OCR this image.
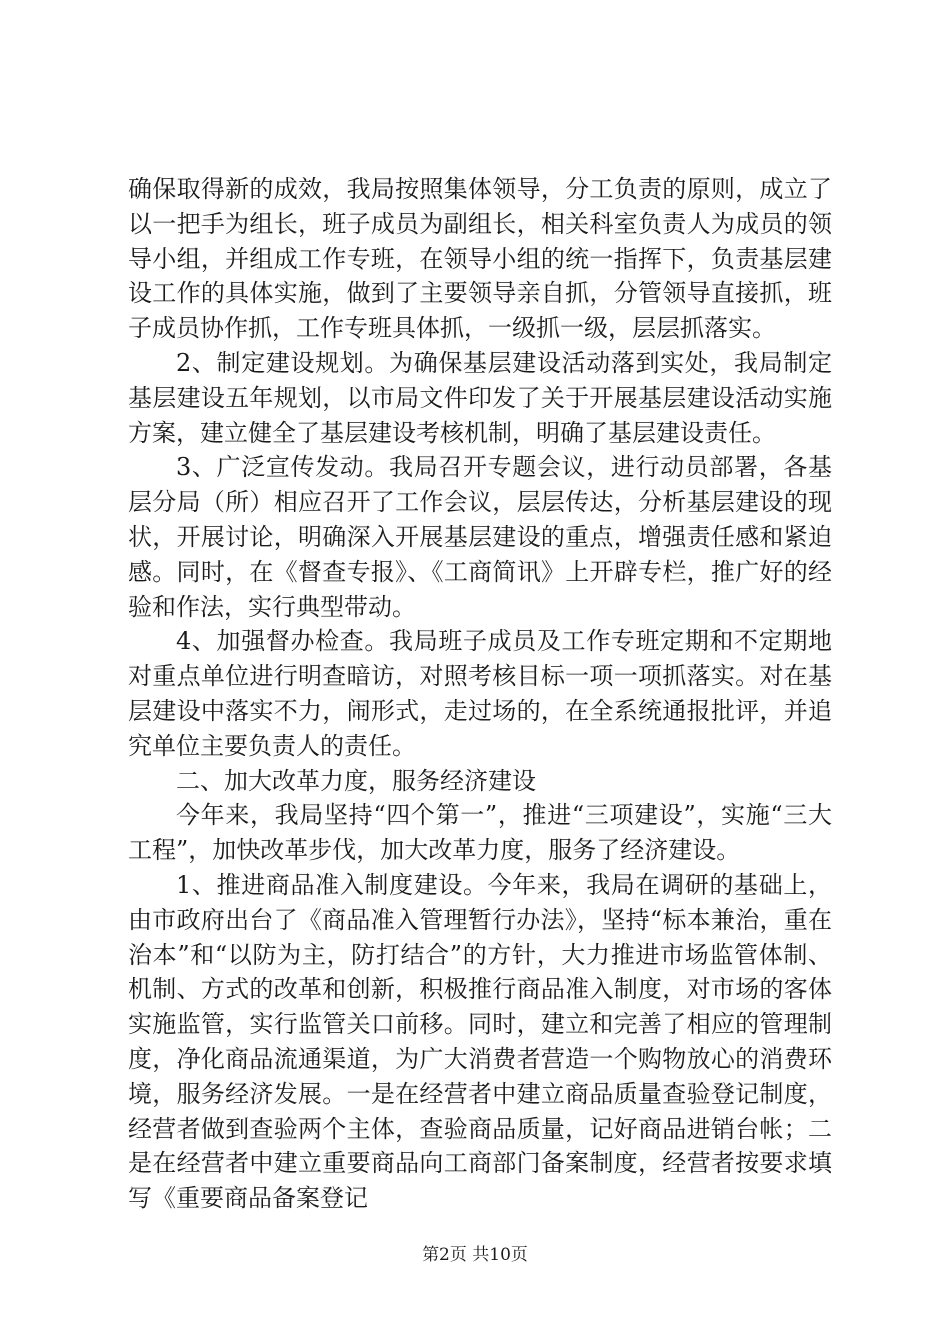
确保取得新的成效，我局按照集体领导，分工负责的原则，成立了以一把手为组长，班子成员为副组长，相关科室负责人为成员的领导小组，并组成工作专班，在领导小组的统一指挥下，负责基层建设工作的具体实施，做到了主要领导亲自抓，分管领导直接抓，班子成员协作抓，工作专班具体抓，一级抓一级，层层抓落实。

2、制定建设规划。为确保基层建设活动落到实处，我局制定基层建设五年规划，以市局文件印发了关于开展基层建设活动实施方案，建立健全了基层建设考核机制，明确了基层建设责任。

3、广泛宣传发动。我局召开专题会议，进行动员部署，各基层分局（所）相应召开了工作会议，层层传达，分析基层建设的现状，开展讨论，明确深入开展基层建设的重点，增强责任感和紧迫感。同时，在《督查专报》、《工商简讯》上开辟专栏，推广好的经验和作法，实行典型带动。

4、加强督办检查。我局班子成员及工作专班定期和不定期地对重点单位进行明查暗访，对照考核目标一项一项抓落实。对在基层建设中落实不力，闹形式，走过场的，在全系统通报批评，并追究单位主要负责人的责任。

二、加大改革力度，服务经济建设

今年来，我局坚持“四个第一”，推进“三项建设”，实施“三大工程”，加快改革步伐，加大改革力度，服务了经济建设。

1、推进商品准入制度建设。今年来，我局在调研的基础上，由市政府出台了《商品准入管理暂行办法》，坚持“标本兼治，重在治本”和“以防为主，防打结合”的方针，大力推进市场监管体制、机制、方式的改革和创新，积极推行商品准入制度，对市场的客体实施监管，实行监管关口前移。同时，建立和完善了相应的管理制度，净化商品流通渠道，为广大消费者营造一个购物放心的消费环境，服务经济发展。一是在经营者中建立商品质量查验登记制度，经营者做到查验两个主体，查验商品质量，记好商品进销台帐；二是在经营者中建立重要商品向工商部门备案制度，经营者按要求填写《重要商品备案登记

第2页 共10页
